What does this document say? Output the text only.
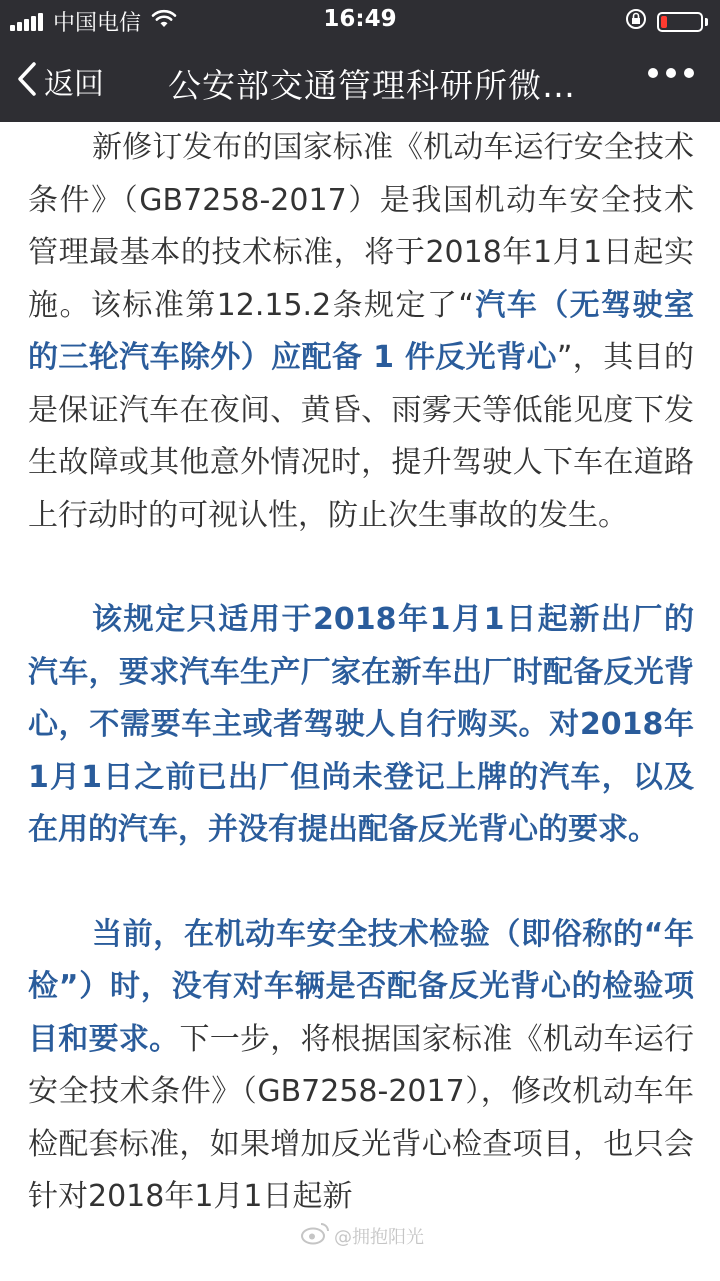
中国电信	16:49
返回 公安部交通管理科研所微…

新修订发布的国家标准《机动车运行安全技术条件》（GB7258-2017）是我国机动车安全技术管理最基本的技术标准，将于2018年1月1日起实施。该标准第12.15.2条规定了“汽车（无驾驶室的三轮汽车除外）应配备 1 件反光背心”，其目的是保证汽车在夜间、黄昏、雨雾天等低能见度下发生故障或其他意外情况时，提升驾驶人下车在道路上行动时的可视认性，防止次生事故的发生。

该规定只适用于2018年1月1日起新出厂的汽车，要求汽车生产厂家在新车出厂时配备反光背心，不需要车主或者驾驶人自行购买。对2018年1月1日之前已出厂但尚未登记上牌的汽车，以及在用的汽车，并没有提出配备反光背心的要求。

当前，在机动车安全技术检验（即俗称的“年检”）时，没有对车辆是否配备反光背心的检验项目和要求。下一步，将根据国家标准《机动车运行安全技术条件》（GB7258-2017），修改机动车年检配套标准，如果增加反光背心检查项目，也只会针对2018年1月1日起新

@拥抱阳光
